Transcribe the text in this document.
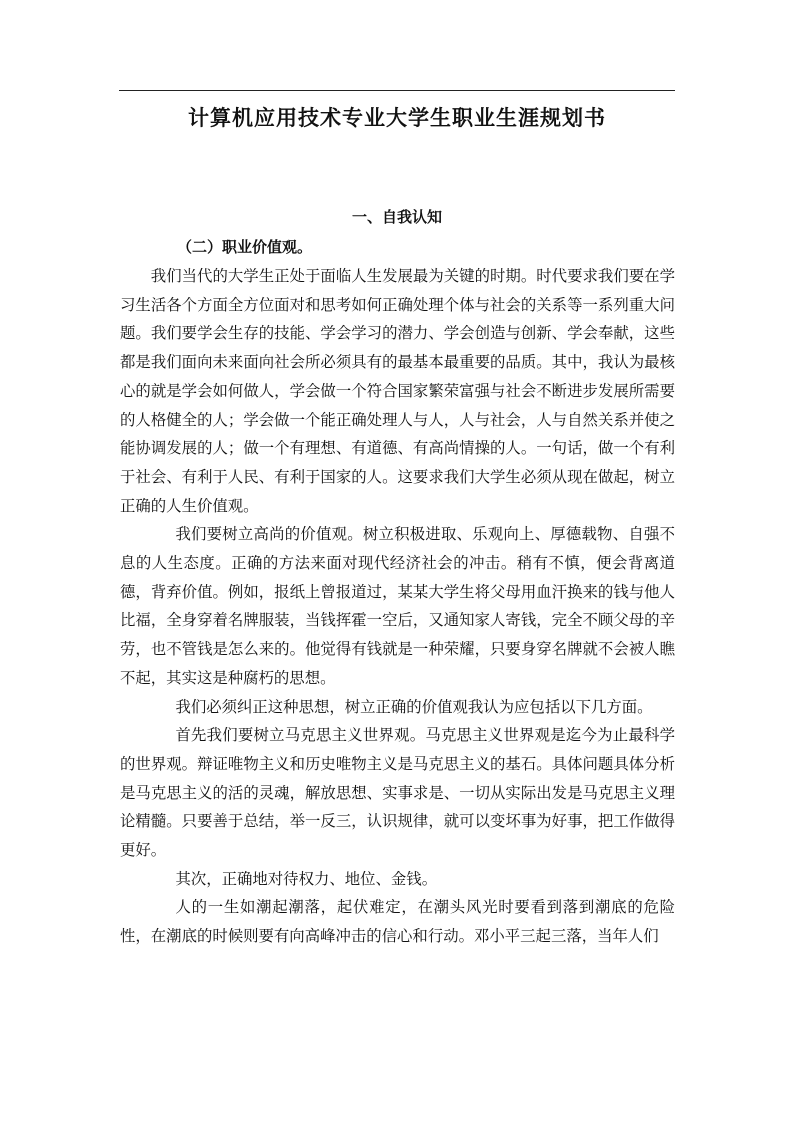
计算机应用技术专业大学生职业生涯规划书
一、自我认知
（二）职业价值观。

我们当代的大学生正处于面临人生发展最为关键的时期。时代要求我们要在学习生活各个方面全方位面对和思考如何正确处理个体与社会的关系等一系列重大问题。我们要学会生存的技能、学会学习的潜力、学会创造与创新、学会奉献，这些都是我们面向未来面向社会所必须具有的最基本最重要的品质。其中，我认为最核心的就是学会如何做人，学会做一个符合国家繁荣富强与社会不断进步发展所需要的人格健全的人；学会做一个能正确处理人与人，人与社会，人与自然关系并使之能协调发展的人；做一个有理想、有道德、有高尚情操的人。一句话，做一个有利于社会、有利于人民、有利于国家的人。这要求我们大学生必须从现在做起，树立正确的人生价值观。

我们要树立高尚的价值观。树立积极进取、乐观向上、厚德载物、自强不息的人生态度。正确的方法来面对现代经济社会的冲击。稍有不慎，便会背离道德，背弃价值。例如，报纸上曾报道过，某某大学生将父母用血汗换来的钱与他人比福，全身穿着名牌服装，当钱挥霍一空后，又通知家人寄钱，完全不顾父母的辛劳，也不管钱是怎么来的。他觉得有钱就是一种荣耀，只要身穿名牌就不会被人瞧不起，其实这是种腐朽的思想。

我们必须纠正这种思想，树立正确的价值观我认为应包括以下几方面。

首先我们要树立马克思主义世界观。马克思主义世界观是迄今为止最科学的世界观。辩证唯物主义和历史唯物主义是马克思主义的基石。具体问题具体分析是马克思主义的活的灵魂，解放思想、实事求是、一切从实际出发是马克思主义理论精髓。只要善于总结，举一反三，认识规律，就可以变坏事为好事，把工作做得更好。

其次，正确地对待权力、地位、金钱。

人的一生如潮起潮落，起伏难定，在潮头风光时要看到落到潮底的危险性，在潮底的时候则要有向高峰冲击的信心和行动。邓小平三起三落，当年人们
